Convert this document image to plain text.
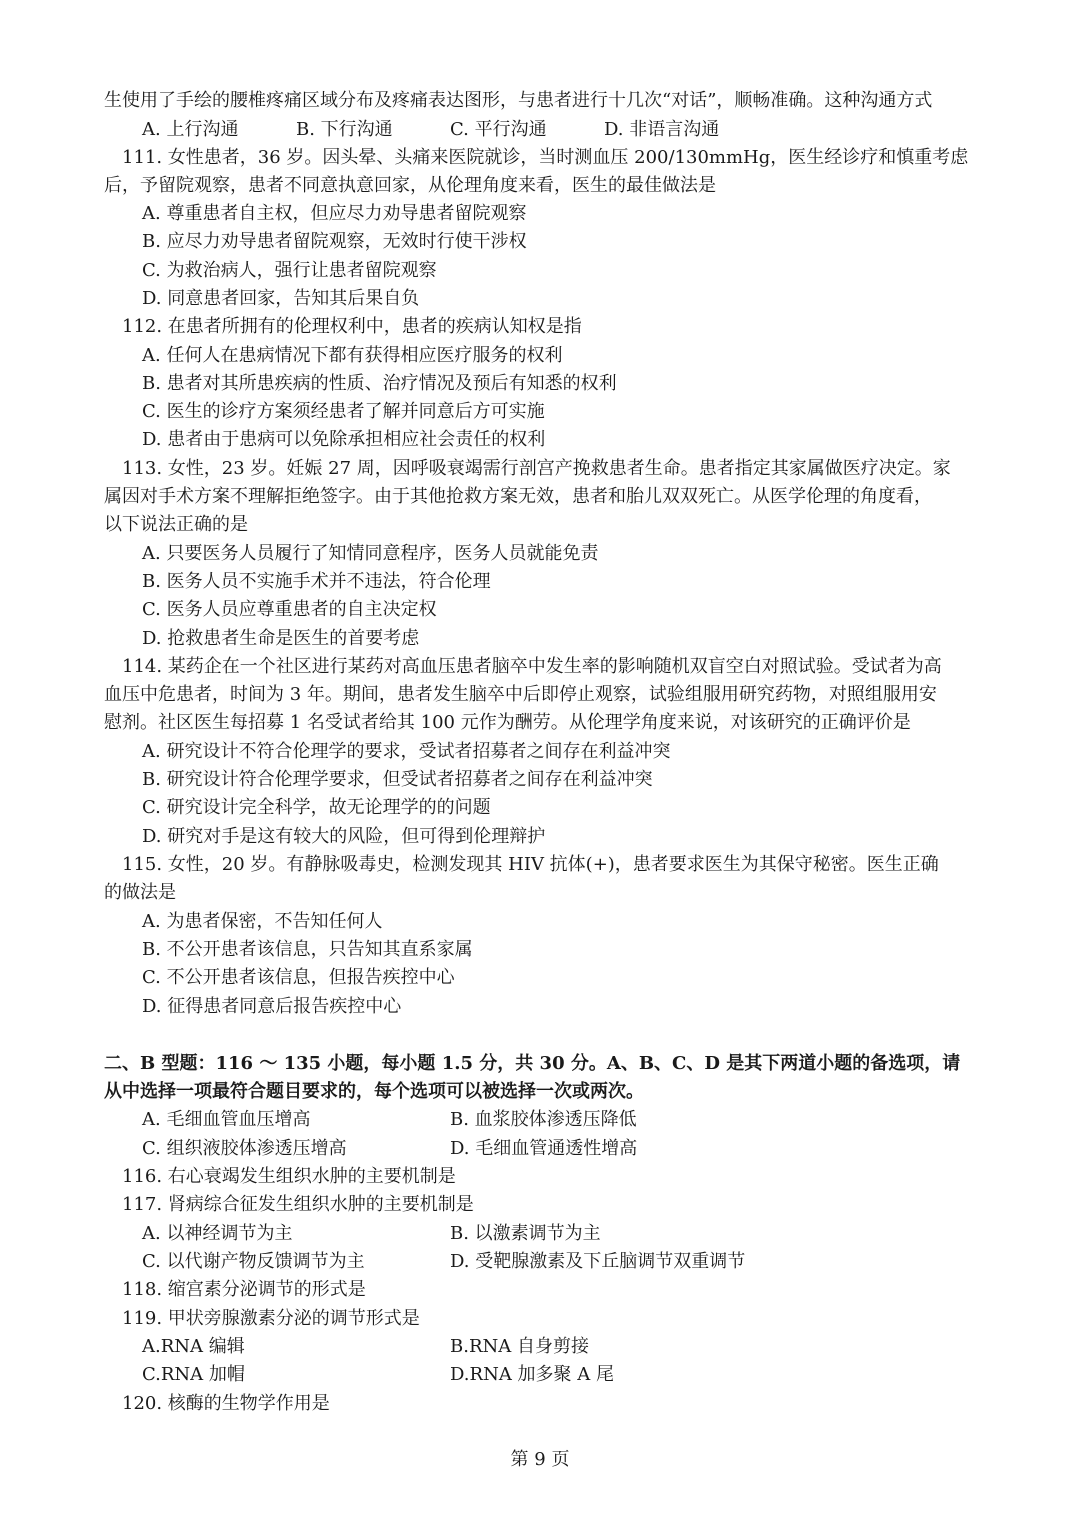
生使用了手绘的腰椎疼痛区域分布及疼痛表达图形，与患者进行十几次“对话”，顺畅准确。这种沟通方式
A. 上行沟通	B. 下行沟通	C. 平行沟通	D. 非语言沟通
111. 女性患者，36 岁。因头晕、头痛来医院就诊，当时测血压 200/130mmHg，医生经诊疗和慎重考虑
后，予留院观察，患者不同意执意回家，从伦理角度来看，医生的最佳做法是
A. 尊重患者自主权，但应尽力劝导患者留院观察
B. 应尽力劝导患者留院观察，无效时行使干涉权
C. 为救治病人，强行让患者留院观察
D. 同意患者回家，告知其后果自负
112. 在患者所拥有的伦理权利中，患者的疾病认知权是指
A. 任何人在患病情况下都有获得相应医疗服务的权利
B. 患者对其所患疾病的性质、治疗情况及预后有知悉的权利
C. 医生的诊疗方案须经患者了解并同意后方可实施
D. 患者由于患病可以免除承担相应社会责任的权利
113. 女性，23 岁。妊娠 27 周，因呼吸衰竭需行剖宫产挽救患者生命。患者指定其家属做医疗决定。家
属因对手术方案不理解拒绝签字。由于其他抢救方案无效，患者和胎儿双双死亡。从医学伦理的角度看，
以下说法正确的是
A. 只要医务人员履行了知情同意程序，医务人员就能免责
B. 医务人员不实施手术并不违法，符合伦理
C. 医务人员应尊重患者的自主决定权
D. 抢救患者生命是医生的首要考虑
114. 某药企在一个社区进行某药对高血压患者脑卒中发生率的影响随机双盲空白对照试验。受试者为高
血压中危患者，时间为 3 年。期间，患者发生脑卒中后即停止观察，试验组服用研究药物，对照组服用安
慰剂。社区医生每招募 1 名受试者给其 100 元作为酬劳。从伦理学角度来说，对该研究的正确评价是
A. 研究设计不符合伦理学的要求，受试者招募者之间存在利益冲突
B. 研究设计符合伦理学要求，但受试者招募者之间存在利益冲突
C. 研究设计完全科学，故无论理学的的问题
D. 研究对手是这有较大的风险，但可得到伦理辩护
115. 女性，20 岁。有静脉吸毒史，检测发现其 HIV 抗体(+)，患者要求医生为其保守秘密。医生正确
的做法是
A. 为患者保密，不告知任何人
B. 不公开患者该信息，只告知其直系家属
C. 不公开患者该信息，但报告疾控中心
D. 征得患者同意后报告疾控中心
二、B 型题：116 ～ 135 小题，每小题 1.5 分，共 30 分。A、B、C、D 是其下两道小题的备选项，请
从中选择一项最符合题目要求的，每个选项可以被选择一次或两次。
A. 毛细血管血压增高	B. 血浆胶体渗透压降低
C. 组织液胶体渗透压增高	D. 毛细血管通透性增高
116. 右心衰竭发生组织水肿的主要机制是
117. 肾病综合征发生组织水肿的主要机制是
A. 以神经调节为主	B. 以激素调节为主
C. 以代谢产物反馈调节为主	D. 受靶腺激素及下丘脑调节双重调节
118. 缩宫素分泌调节的形式是
119. 甲状旁腺激素分泌的调节形式是
A.RNA 编辑	B.RNA 自身剪接
C.RNA 加帽	D.RNA 加多聚 A 尾
120. 核酶的生物学作用是
第 9 页
